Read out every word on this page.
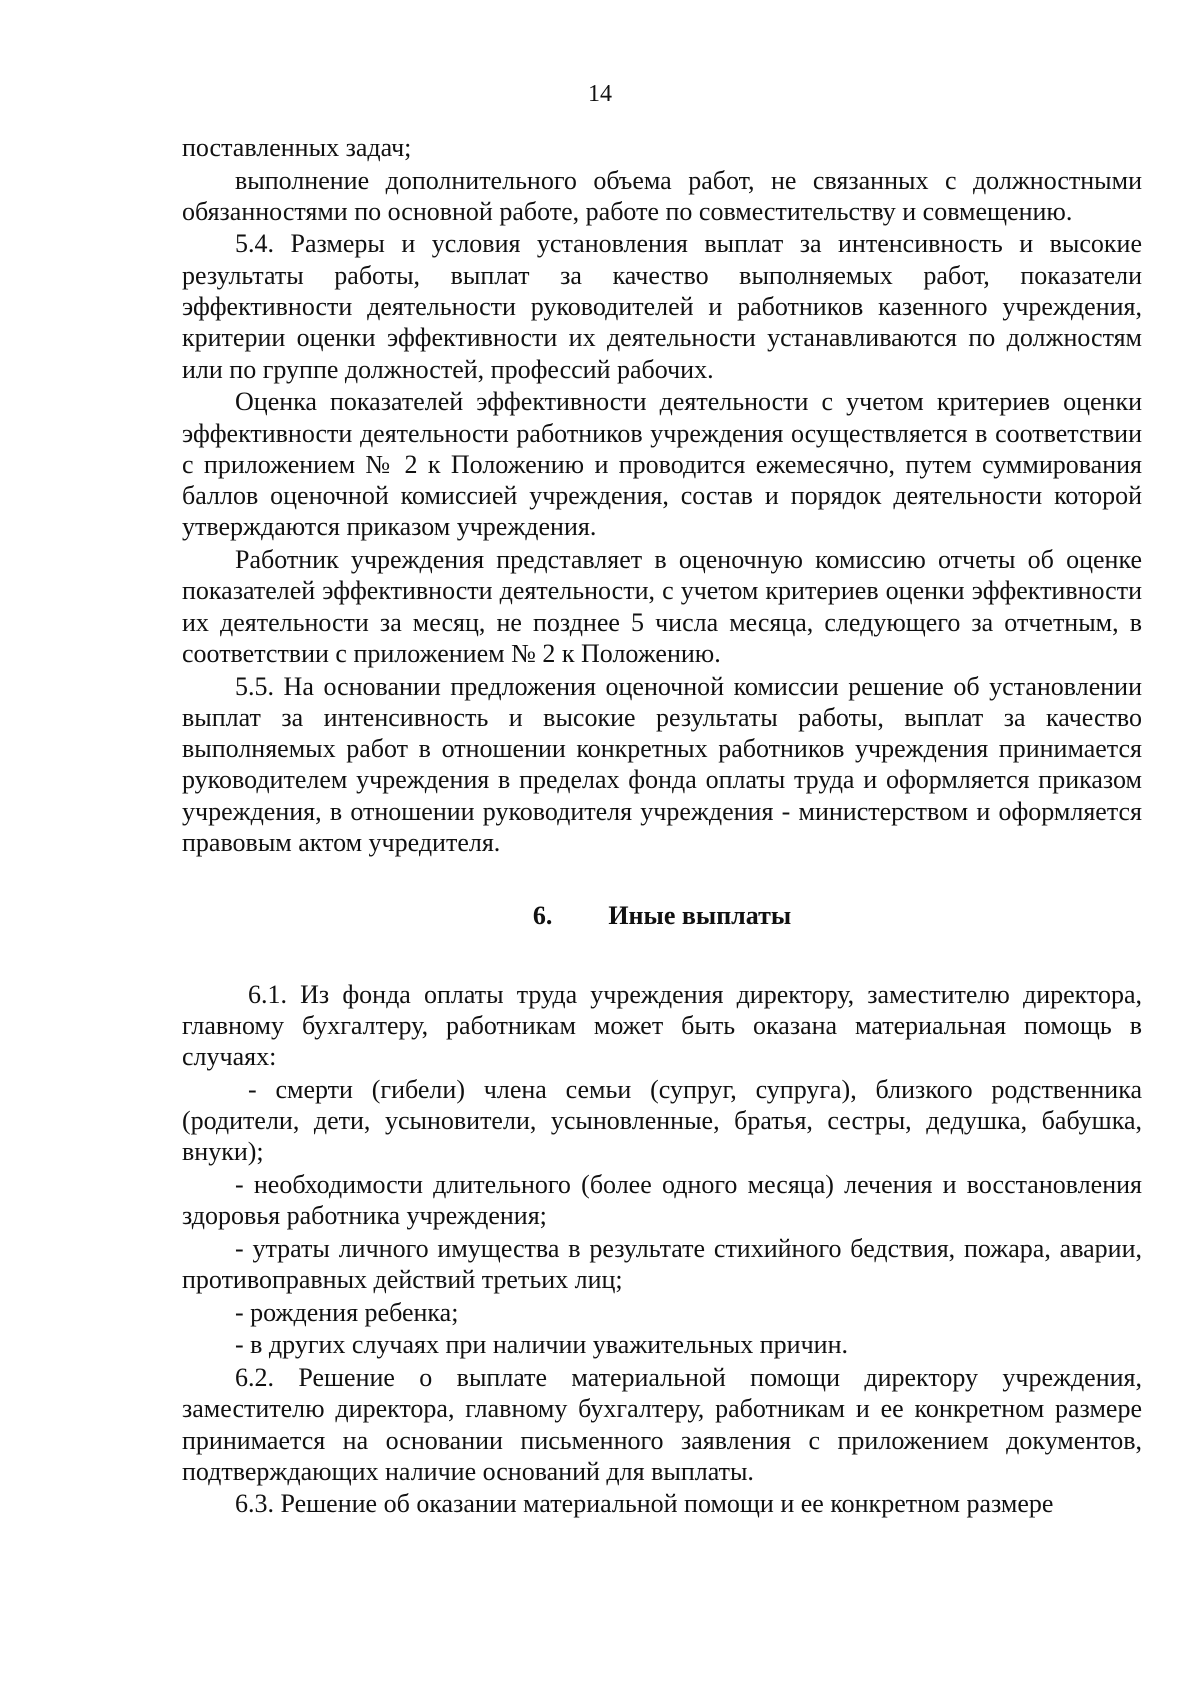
14

поставленных задач;

выполнение дополнительного объема работ, не связанных с должностными обязанностями по основной работе, работе по совместительству и совмещению.

5.4. Размеры и условия установления выплат за интенсивность и высокие результаты работы, выплат за качество выполняемых работ, показатели эффективности деятельности руководителей и работников казенного учреждения, критерии оценки эффективности их деятельности устанавливаются по должностям или по группе должностей, профессий рабочих.

Оценка показателей эффективности деятельности с учетом критериев оценки эффективности деятельности работников учреждения осуществляется в соответствии с приложением № 2 к Положению и проводится ежемесячно, путем суммирования баллов оценочной комиссией учреждения, состав и порядок деятельности которой утверждаются приказом учреждения.

Работник учреждения представляет в оценочную комиссию отчеты об оценке показателей эффективности деятельности, с учетом критериев оценки эффективности их деятельности за месяц, не позднее 5 числа месяца, следующего за отчетным, в соответствии с приложением № 2 к Положению.

5.5. На основании предложения оценочной комиссии решение об установлении выплат за интенсивность и высокие результаты работы, выплат за качество выполняемых работ в отношении конкретных работников учреждения принимается руководителем учреждения в пределах фонда оплаты труда и оформляется приказом учреждения, в отношении руководителя учреждения - министерством и оформляется правовым актом учредителя.

6. Иные выплаты

6.1. Из фонда оплаты труда учреждения директору, заместителю директора, главному бухгалтеру, работникам может быть оказана материальная помощь в случаях:

- смерти (гибели) члена семьи (супруг, супруга), близкого родственника (родители, дети, усыновители, усыновленные, братья, сестры, дедушка, бабушка, внуки);

- необходимости длительного (более одного месяца) лечения и восстановления здоровья работника учреждения;

- утраты личного имущества в результате стихийного бедствия, пожара, аварии, противоправных действий третьих лиц;

- рождения ребенка;

- в других случаях при наличии уважительных причин.

6.2. Решение о выплате материальной помощи директору учреждения, заместителю директора, главному бухгалтеру, работникам и ее конкретном размере принимается на основании письменного заявления с приложением документов, подтверждающих наличие оснований для выплаты.

6.3. Решение об оказании материальной помощи и ее конкретном размере
